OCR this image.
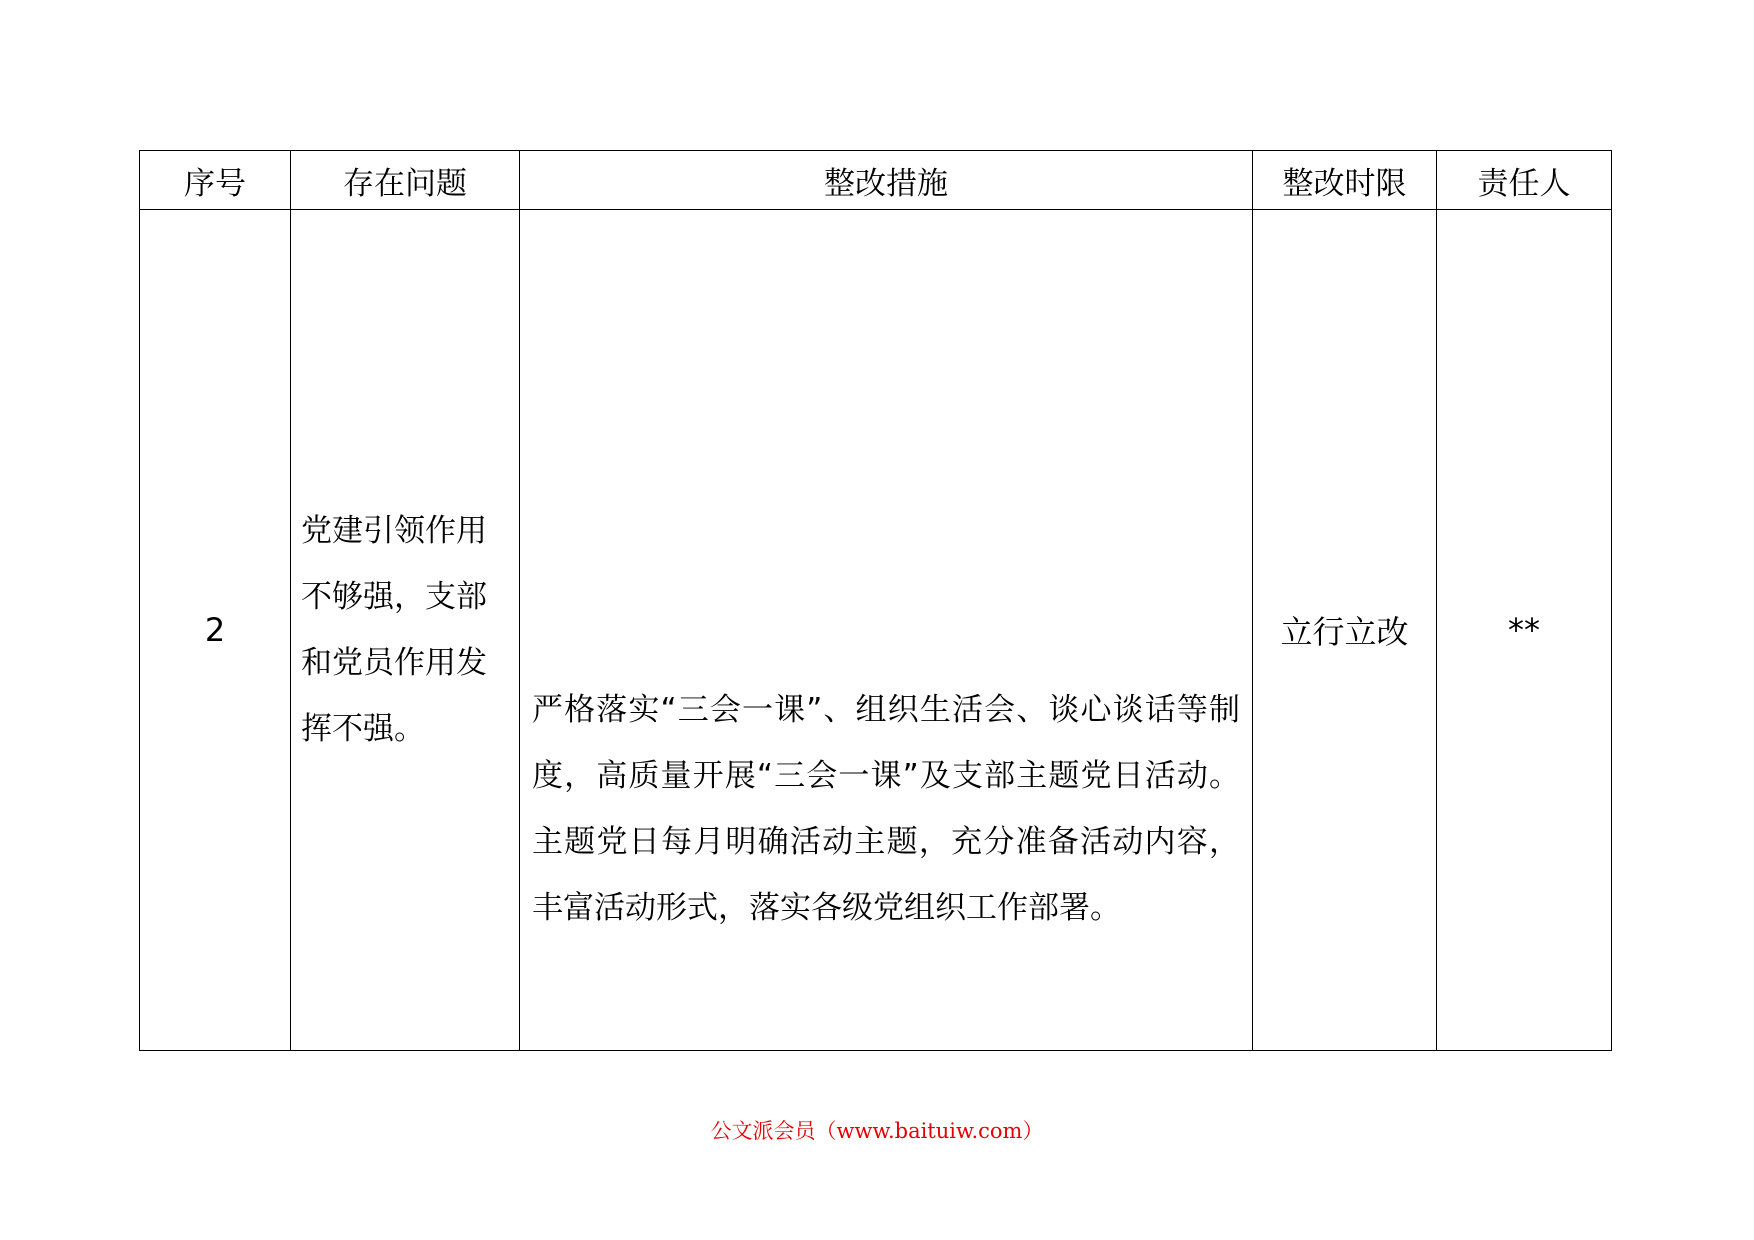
序号	存在问题	整改措施	整改时限	责任人
2	党建引领作用不够强，支部和党员作用发挥不强。	严格落实“三会一课”、组织生活会、谈心谈话等制度，高质量开展“三会一课”及支部主题党日活动。主题党日每月明确活动主题，充分准备活动内容，丰富活动形式，落实各级党组织工作部署。	立行立改	**
公文派会员（www.baituiw.com）
